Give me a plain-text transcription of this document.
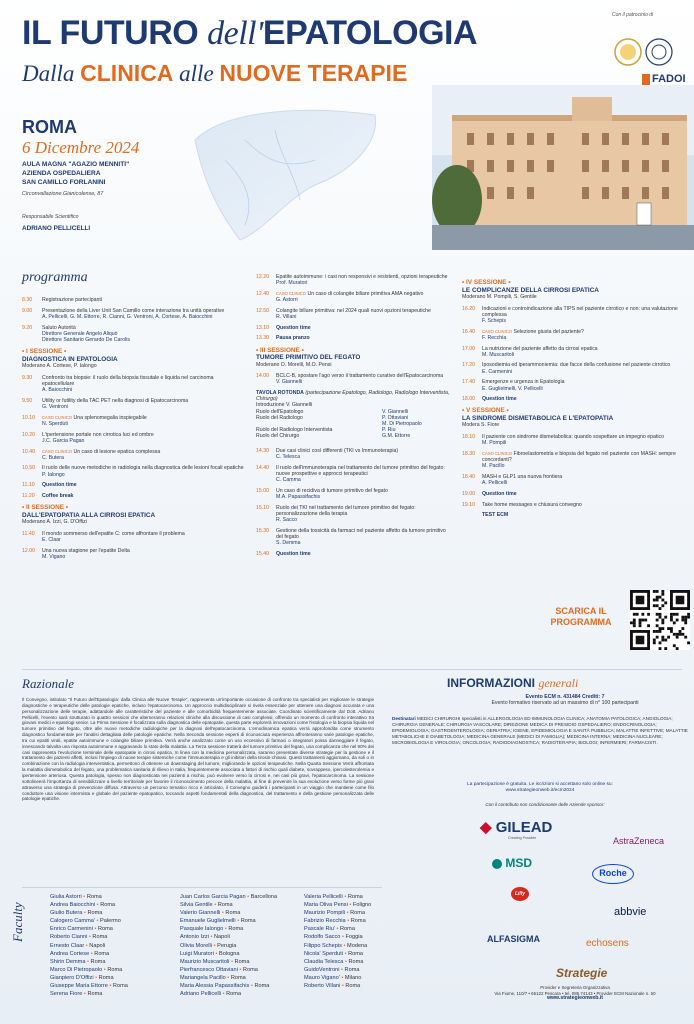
IL FUTURO dell'EPATOLOGIA
Dalla CLINICA alle NUOVE TERAPIE
Con il patrocinio di
FADOI
ROMA
6 Dicembre 2024
AULA MAGNA "AGAZIO MENNITI"
AZIENDA OSPEDALIERA
SAN CAMILLO FORLANINI
Circonvallazione Gianicolense, 87
Responsabile Scientifico
ADRIANO PELLICELLI
programma
8.30	Registrazione partecipanti
9.00	Presentazione della Liver Unit San Camillo come interazione tra unità operative
A. Pellicelli, G. M. Ettorre, R. Cianni, G. Ventroni, A. Cortese, A. Baiocchini
9.20	Saluto Autorità
Direttore Generale Angelo Aliquò
Direttore Sanitario Gerardo De Carolis
• I SESSIONE •
DIAGNOSTICA IN EPATOLOGIA
Moderano A. Cortese, P. Ialongo
9.30	Confronto tra biopsie: il ruolo della biopsia tissutale e liquida nel carcinoma epatocellulare
A. Baiocchini
9.50	Utility or futility della TAC PET nella diagnosi di Epatocarcinoma
G. Ventroni
10.10	CASO CLINICO Una splenomegalia inspiegabile
N. Sperduti
10.20	L'ipertensione portale non cirrotica luci ed ombre
J.C. Garcia Pagan
10.40	CASO CLINICO Un caso di lesione epatica complessa
C. Butera
10.50	Il ruolo delle nuove metodiche in radiologia nella diagnostica delle lesioni focali epatiche
P. Ialongo
11.10	Question time
11.20	Coffee break
• II SESSIONE •
DALL'EPATOPATIA ALLA CIRROSI EPATICA
Moderano A. Izzi, G. D'Offizi
11.40	Il mondo sommerso dell'epatite C: come affrontare il problema
E. Claar
12.00	Una nuova stagione per l'epatite Delta
M. Vigano
12.20	Epatite autoimmune: i casi non responsivi e resistenti, opzioni terapeutiche
Prof. Muratori
12.40	CASO CLINICO Un caso di colangite biliare primitiva AMA negativo
G. Astorri
12.50	Colangite biliare primitiva: nel 2024 quali nuovi opzioni terapeutiche
R. Villani
13.10	Question time
13.30	Pausa pranzo
• III SESSIONE •
TUMORE PRIMITIVO DEL FEGATO
Moderano O. Morelli, M.O. Pensi
14.00	BCLC-B, spostare l'ago verso il trattamento curativo dell'Epatocarcinoma
V. Giannelli
TAVOLA ROTONDA (partecipazione Epatologo, Radiologo, Radiologo Interventista, Chirurgo)
Introduzione V. Giannelli
Ruolo dell'Epatologo	V. Giannelli
Ruolo del Radiologo	P. Ottaviani
M. Di Pietropaolo
Ruolo del Radiologo Interventista	P. Riu
Ruolo del Chirurgo	G.M. Ettorre
14.30	Due casi clinici così differenti (TKI vs Immunoterapia)
C. Telesca
14.40	Il ruolo dell'immunoterapia nel trattamento del tumore primitivo del fegato: nuove prospettive e approcci terapeutici
C. Camma
15.00	Un caso di recidiva di tumore primitivo del fegato
M.A. Papassifachis
15.10	Ruolo dei TKI nel trattamento del tumore primitivo del fegato: personalizzazione della terapia
R. Sacco
15.30	Gestione della tossicità da farmaci nel paziente affetto da tumore primitivo del fegato
S. Demma
15.40	Question time
• IV SESSIONE •
LE COMPLICANZE DELLA CIRROSI EPATICA
Moderano M. Pompili, S. Gentile
16.20	Indicazioni e controindicazione alla TIPS nel paziente cirrotico e non: una valutazione complessa
F. Schepis
16.40	CASO CLINICO Selezione giusta del paziente?
F. Recchia
17.00	La nutrizione del paziente affetto da cirrosi epatica
M. Muscaritoli
17.20	Iposodiemia ed iperammoniemia: due facce della confusione nel paziente cirrotico
E. Carmenini
17.40	Emergenze e urgenza in Epatologia
E. Guglielmelli, V. Pellicelli
18.00	Question time
• V SESSIONE •
LA SINDROME DISMETABOLICA E L'EPATOPATIA
Modera S. Fiore
18.10	Il paziente con sindrome dismetabolica: quando sospettare un impegno epatico
M. Pompili
18.30	CASO CLINICO Fibroelastometria e biopsia del fegato nel paziente con MASH: sempre concordanti?
M. Pacillo
18.40	MASH e GLP1 una nuova frontiera
A. Pellicelli
19.00	Question time
19.10	Take home messages e chiusura convegno
TEST ECM
SCARICA IL PROGRAMMA
Razionale
Il Convegno, intitolato "Il Futuro dell'Epatologia: dalla Clinica alle Nuove Terapie", rappresenta un'importante occasione di confronto tra specialisti per migliorare le strategie diagnostiche e terapeutiche delle patologie epatiche, incluso l'epatocarcinoma. Un approccio multidisciplinare si rivela essenziale per ottenere una diagnosi accurata e una personalizzazione delle terapie, adattandole alle caratteristiche del paziente e alle comorbidità frequentemente associate. Coordinato scientificamente dal Dott. Adriano Pellicelli, l'evento sarà strutturato in quattro sessioni che alterneranno relazioni cliniche alla discussione di casi complessi, offrendo un momento di confronto interattivo tra giovani medici e epatologi senior. La Prima Sessione è focalizzata sulla diagnostica delle epatopatie, questa parte esplorerà innovazioni come l'istologia e la biopsia liquida nel tumore primitivo del fegato, oltre alle nuove metodiche radiologiche per la diagnosi dell'epatocarcinoma. L'emodinamica epatica verrà approfondita come strumento diagnostico fondamentale per l'analisi dettagliata delle patologie epatiche. Nella Seconda sessione esperti di riconosciuta esperienza affronteranno varie patologie epatiche, tra cui epatiti virali, epatite autoimmune e colangite biliare primitiva. Verrà anche analizzato come un uso eccessivo di farmaci o integratori possa danneggiare il fegato, innescando talvolta una risposta autoimmune e aggravando lo stato della malattia. La Terza sessione tratterà del tumore primitivo del fegato, una complicanza che nel 90% dei casi rappresenta l'evoluzione terminale delle epatopatie in cirrosi epatica. In linea con la medicina personalizzata, saranno presentate diverse strategie per la gestione e il trattamento dei pazienti affetti, inclusi l'impiego di nuove terapie sistemiche come l'immunoterapia e gli inibitori della tirosin-chinasi. Questi trattamenti aggiornano, da soli o in combinazione con la radiologia interventistica, permettono di ottenere un downstaging del tumore, migliorando le opzioni terapeutiche. Nella Quarta Sessione Verrà affrontata la malattia dismetabolica del fegato, una problematica sanitaria di rilievo in Italia, frequentemente associata a fattori di rischio quali diabete, sovrappeso, ipercolesterolemia e ipertensione arteriosa. Questa patologia, spesso non diagnosticata nei pazienti a rischio, può evolvere verso la cirrosi e, nei casi più gravi, l'epatocarcinoma. La sessione sottolineerà l'importanza di sensibilizzare a livello territoriale per favorire il riconoscimento precoce della malattia, al fine di prevenire la sua evoluzione verso forme più gravi attraverso una strategia di prevenzione diffusa. Attraverso un percorso tematico ricco e articolato, il Convegno guiderà i partecipanti in un viaggio che mantiene come filo conduttore una visione intermista e globale del paziente epatopatico, toccando aspetti fondamentali della diagnostica, del trattamento e della gestione personalizzata delle patologie epatiche.
INFORMAZIONI generali
Evento ECM n. 431484 Crediti: 7
Evento formativo riservato ad un massimo di n° 100 partecipanti
Destinatari MEDICI CHIRURGHI specialisti in ALLERGOLOGIA ED IMMUNOLOGIA CLINICA; ANATOMIA PATOLOGICA; ANGIOLOGIA; CHIRURGIA GENERALE; CHIRURGIA VASCOLARE; DIREZIONE MEDICA DI PRESIDIO OSPEDALIERO; ENDOCRINOLOGIA; EPIDEMIOLOGIA; GASTROENTEROLOGIA; GERIATRIA; IGIENE, EPIDEMIOLOGIA E SANITÀ PUBBLICA; MALATTIE INFETTIVE; MALATTIE METABOLICHE E DIABETOLOGIA; MEDICINA GENERALE (MEDICI DI FAMIGLIA); MEDICINA INTERNA; MEDICINA NUCLEARE; MICROBIOLOGIA E VIROLOGIA; ONCOLOGIA; RADIODIAGNOSTICA; RADIOTERAPIA; BIOLOGI; INFERMIERI; FARMACISTI.
La partecipazione è gratuita. Le iscrizioni si accettano solo online su: www.strategieonweb.it/ecm2024
Con il contributo non condizionante delle Aziende sponsor:
◆ GILEAD
Creating Possible	AstraZeneca
MSD
Roche
Lilly
abbvie
ALFASIGMA	echosens
Strategie
Provider e Segreteria Organizzativa
Via Fiume, 110/7 • 65122 Pescara • tel. 085.74143 • Provider ECM Nazionale n. 50
www.strategieonweb.it
Faculty
Giulia Astorri • Roma
Andrea Baiocchini • Roma
Giulio Butera • Roma
Calogero Camma' • Palermo
Enrico Carmenini • Roma
Roberto Cianni • Roma
Ernesto Claar • Napoli
Andrea Cortese • Roma
Shirin Demma • Roma
Marco Di Pietropaolo • Roma
Gianpiero D'Offizi • Roma
Giuseppe Maria Ettorre • Roma
Serena Fiore • Roma
Juan Carlos Garcia Pagan • Barcellona
Silvia Gentile • Roma
Valerio Giannelli • Roma
Emanuele Guglielmelli • Roma
Pasquale Ialongo • Roma
Antonio Izzi • Napoli
Olivia Morelli • Perugia
Luigi Muratori • Bologna
Maurizio Muscaritoli • Roma
Pierfrancesco Ottaviani • Roma
Mariangela Pacillo • Roma
Maria Alessia Papassifachis • Roma
Adriano Pellicelli • Roma
Valeria Pellicelli • Roma
Maria Oliva Pensi • Foligno
Maurizio Pompili • Roma
Fabrizio Recchia • Roma
Pascale Riu' • Roma
Rodolfo Sacco • Foggia
Filippo Schepis • Modena
Nicola' Sperduti • Roma
Claudia Telesca • Roma
GuidoVentroni • Roma
Mauro Vigano' • Milano
Roberto Villani • Roma
